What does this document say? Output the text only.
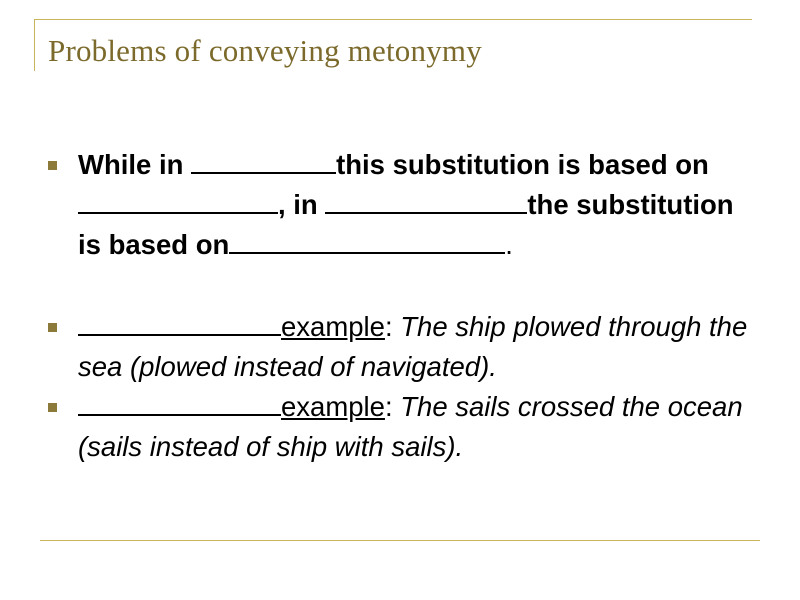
Problems of conveying metonymy
While in	this substitution is based on, in	the substitution is based on	.
example: The ship plowed through the sea (plowed instead of navigated).
example: The sails crossed the ocean (sails instead of ship with sails).
